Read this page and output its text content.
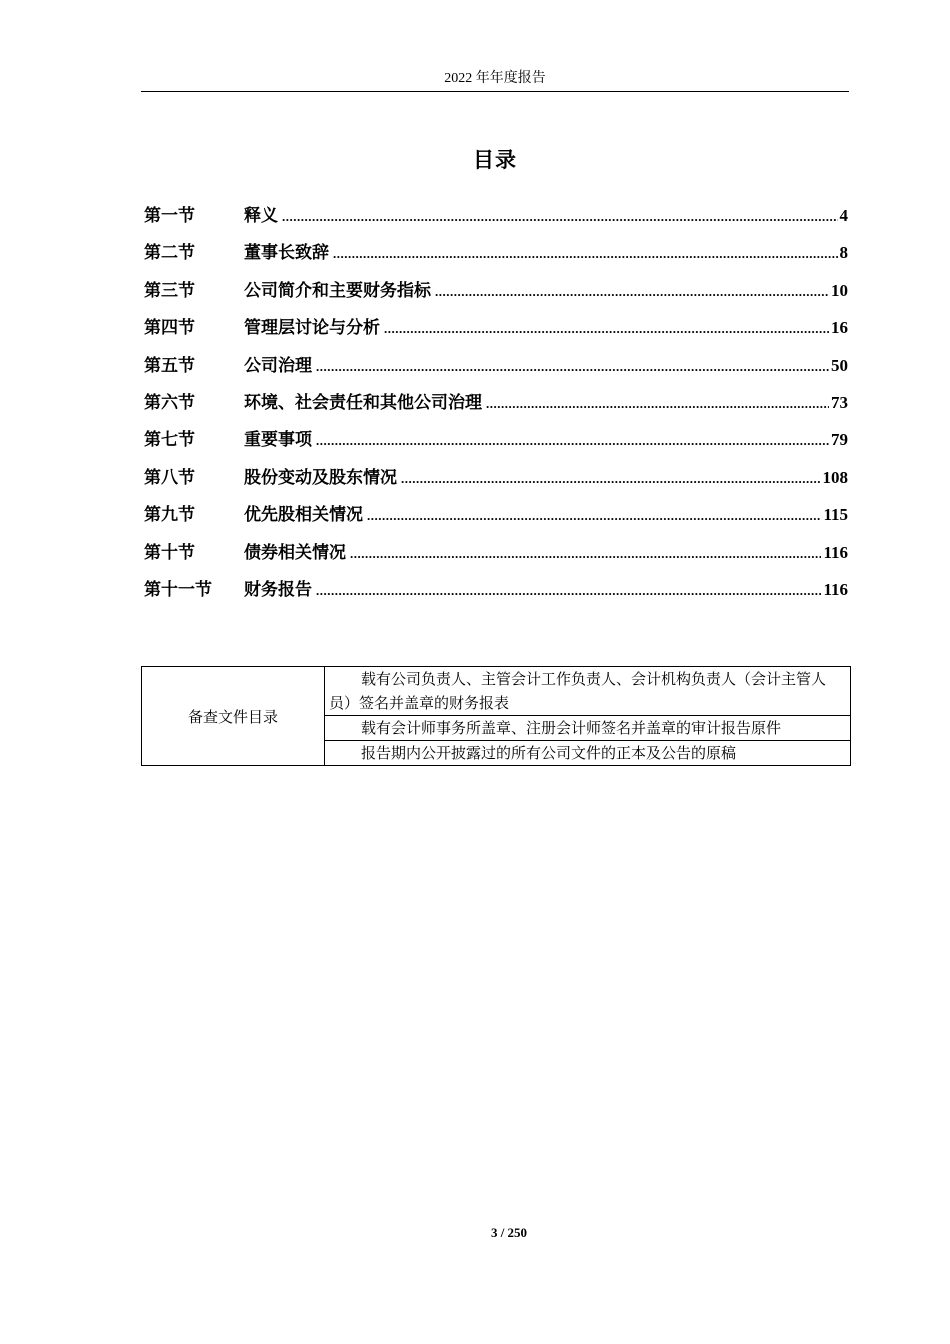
2022 年年度报告
目录
第一节	释义 .....	4
第二节	董事长致辞 .....	8
第三节	公司简介和主要财务指标 .....	10
第四节	管理层讨论与分析 .....	16
第五节	公司治理 .....	50
第六节	环境、社会责任和其他公司治理 .....	73
第七节	重要事项 .....	79
第八节	股份变动及股东情况 .....	108
第九节	优先股相关情况 .....	115
第十节	债券相关情况 .....	116
第十一节	财务报告 .....	116
备查文件目录	载有公司负责人、主管会计工作负责人、会计机构负责人（会计主管人员）签名并盖章的财务报表
载有会计师事务所盖章、注册会计师签名并盖章的审计报告原件
报告期内公开披露过的所有公司文件的正本及公告的原稿
3 / 250
